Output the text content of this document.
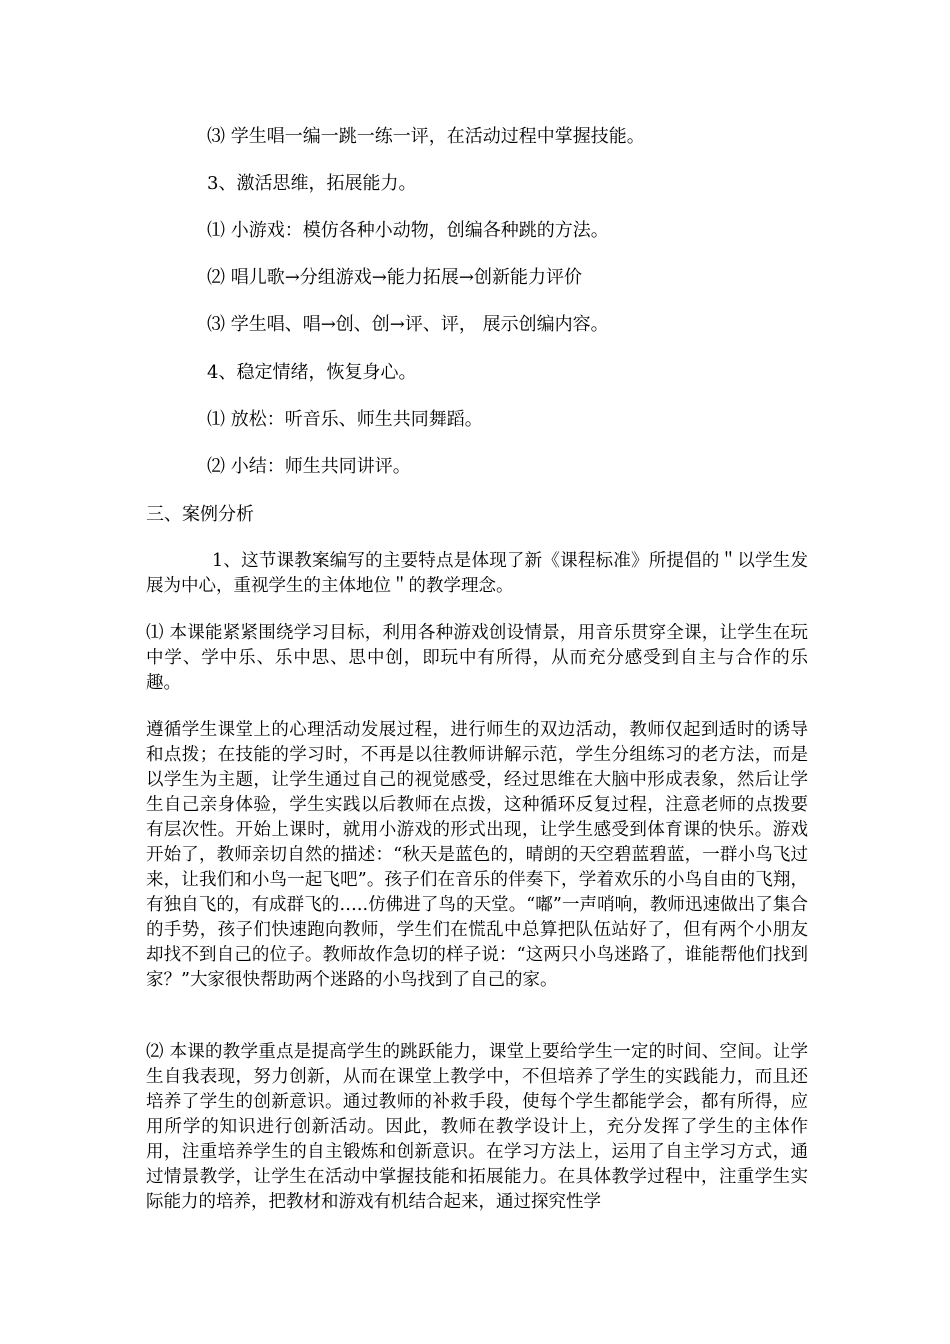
⑶ 学生唱一编一跳一练一评，在活动过程中掌握技能。
3、激活思维，拓展能力。
⑴ 小游戏：模仿各种小动物，创编各种跳的方法。
⑵ 唱儿歌→分组游戏→能力拓展→创新能力评价
⑶ 学生唱、唱→创、创→评、评， 展示创编内容。
4、稳定情绪，恢复身心。
⑴ 放松：听音乐、师生共同舞蹈。
⑵ 小结：师生共同讲评。
三、案例分析
1、这节课教案编写的主要特点是体现了新《课程标准》所提倡的＂以学生发展为中心，重视学生的主体地位＂的教学理念。
⑴ 本课能紧紧围绕学习目标，利用各种游戏创设情景，用音乐贯穿全课，让学生在玩中学、学中乐、乐中思、思中创，即玩中有所得，从而充分感受到自主与合作的乐趣。
遵循学生课堂上的心理活动发展过程，进行师生的双边活动，教师仅起到适时的诱导和点拨；在技能的学习时，不再是以往教师讲解示范，学生分组练习的老方法，而是以学生为主题，让学生通过自己的视觉感受，经过思维在大脑中形成表象，然后让学生自己亲身体验，学生实践以后教师在点拨，这种循环反复过程，注意老师的点拨要有层次性。开始上课时，就用小游戏的形式出现，让学生感受到体育课的快乐。游戏开始了，教师亲切自然的描述：“秋天是蓝色的，晴朗的天空碧蓝碧蓝，一群小鸟飞过来，让我们和小鸟一起飞吧”。孩子们在音乐的伴奏下，学着欢乐的小鸟自由的飞翔，有独自飞的，有成群飞的…..仿佛进了鸟的天堂。“嘟”一声哨响，教师迅速做出了集合的手势，孩子们快速跑向教师，学生们在慌乱中总算把队伍站好了，但有两个小朋友却找不到自己的位子。教师故作急切的样子说：“这两只小鸟迷路了，谁能帮他们找到家？”大家很快帮助两个迷路的小鸟找到了自己的家。
⑵ 本课的教学重点是提高学生的跳跃能力，课堂上要给学生一定的时间、空间。让学生自我表现，努力创新，从而在课堂上教学中，不但培养了学生的实践能力，而且还培养了学生的创新意识。通过教师的补救手段，使每个学生都能学会，都有所得，应用所学的知识进行创新活动。因此，教师在教学设计上，充分发挥了学生的主体作用，注重培养学生的自主锻炼和创新意识。在学习方法上，运用了自主学习方式，通过情景教学，让学生在活动中掌握技能和拓展能力。在具体教学过程中，注重学生实际能力的培养，把教材和游戏有机结合起来，通过探究性学
